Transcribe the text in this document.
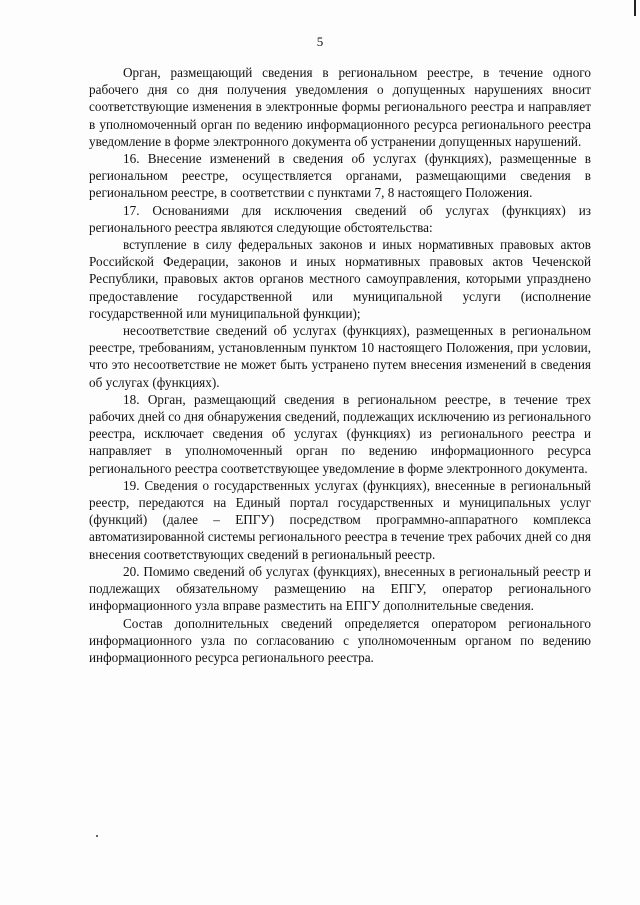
5

Орган, размещающий сведения в региональном реестре, в течение одного рабочего дня со дня получения уведомления о допущенных нарушениях вносит соответствующие изменения в электронные формы регионального реестра и направляет в уполномоченный орган по ведению информационного ресурса регионального реестра уведомление в форме электронного документа об устранении допущенных нарушений.

16. Внесение изменений в сведения об услугах (функциях), размещенные в региональном реестре, осуществляется органами, размещающими сведения в региональном реестре, в соответствии с пунктами 7, 8 настоящего Положения.

17. Основаниями для исключения сведений об услугах (функциях) из регионального реестра являются следующие обстоятельства:

вступление в силу федеральных законов и иных нормативных правовых актов Российской Федерации, законов и иных нормативных правовых актов Чеченской Республики, правовых актов органов местного самоуправления, которыми упразднено предоставление государственной или муниципальной услуги (исполнение государственной или муниципальной функции);

несоответствие сведений об услугах (функциях), размещенных в региональном реестре, требованиям, установленным пунктом 10 настоящего Положения, при условии, что это несоответствие не может быть устранено путем внесения изменений в сведения об услугах (функциях).

18. Орган, размещающий сведения в региональном реестре, в течение трех рабочих дней со дня обнаружения сведений, подлежащих исключению из регионального реестра, исключает сведения об услугах (функциях) из регионального реестра и направляет в уполномоченный орган по ведению информационного ресурса регионального реестра соответствующее уведомление в форме электронного документа.

19. Сведения о государственных услугах (функциях), внесенные в региональный реестр, передаются на Единый портал государственных и муниципальных услуг (функций) (далее – ЕПГУ) посредством программно-аппаратного комплекса автоматизированной системы регионального реестра в течение трех рабочих дней со дня внесения соответствующих сведений в региональный реестр.

20. Помимо сведений об услугах (функциях), внесенных в региональный реестр и подлежащих обязательному размещению на ЕПГУ, оператор регионального информационного узла вправе разместить на ЕПГУ дополнительные сведения.

Состав дополнительных сведений определяется оператором регионального информационного узла по согласованию с уполномоченным органом по ведению информационного ресурса регионального реестра.
